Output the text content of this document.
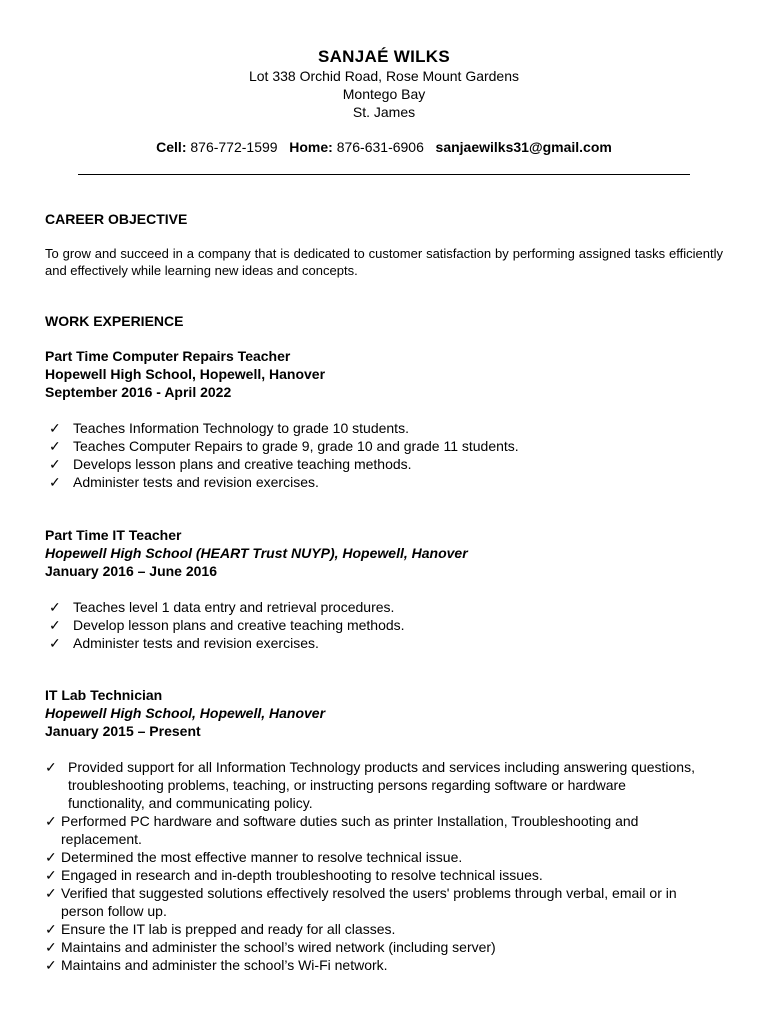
SANJAÉ WILKS
Lot 338 Orchid Road, Rose Mount Gardens
Montego Bay
St. James
Cell: 876-772-1599 Home: 876-631-6906 sanjaewilks31@gmail.com
CAREER OBJECTIVE
To grow and succeed in a company that is dedicated to customer satisfaction by performing assigned tasks efficiently and effectively while learning new ideas and concepts.
WORK EXPERIENCE
Part Time Computer Repairs Teacher
Hopewell High School, Hopewell, Hanover
September 2016 - April 2022
✓ Teaches Information Technology to grade 10 students.
✓ Teaches Computer Repairs to grade 9, grade 10 and grade 11 students.
✓ Develops lesson plans and creative teaching methods.
✓ Administer tests and revision exercises.
Part Time IT Teacher
Hopewell High School (HEART Trust NUYP), Hopewell, Hanover
January 2016 – June 2016
✓ Teaches level 1 data entry and retrieval procedures.
✓ Develop lesson plans and creative teaching methods.
✓ Administer tests and revision exercises.
IT Lab Technician
Hopewell High School, Hopewell, Hanover
January 2015 – Present
✓ Provided support for all Information Technology products and services including answering questions, troubleshooting problems, teaching, or instructing persons regarding software or hardware functionality, and communicating policy.
✓ Performed PC hardware and software duties such as printer Installation, Troubleshooting and replacement.
✓ Determined the most effective manner to resolve technical issue.
✓ Engaged in research and in-depth troubleshooting to resolve technical issues.
✓ Verified that suggested solutions effectively resolved the users' problems through verbal, email or in person follow up.
✓ Ensure the IT lab is prepped and ready for all classes.
✓ Maintains and administer the school’s wired network (including server)
✓ Maintains and administer the school’s Wi-Fi network.
